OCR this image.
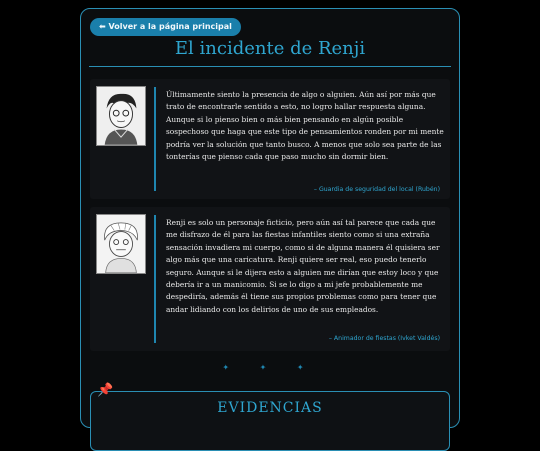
⬅ Volver a la página principal
El incidente de Renji
Últimamente siento la presencia de algo o alguien. Aún así por más que trato de encontrarle sentido a esto, no logro hallar respuesta alguna. Aunque si lo pienso bien o más bien pensando en algún posible sospechoso que haga que este tipo de pensamientos ronden por mi mente podría ver la solución que tanto busco. A menos que solo sea parte de las tonterías que pienso cada que paso mucho sin dormir bien.
– Guardia de seguridad del local (Rubén)
Renji es solo un personaje ficticio, pero aún así tal parece que cada que me disfrazo de él para las fiestas infantiles siento como si una extraña sensación invadiera mi cuerpo, como si de alguna manera él quisiera ser algo más que una caricatura. Renji quiere ser real, eso puedo tenerlo seguro. Aunque si le dijera esto a alguien me dirían que estoy loco y que debería ir a un manicomio. Si se lo digo a mi jefe probablemente me despediría, además él tiene sus propios problemas como para tener que andar lidiando con los delirios de uno de sus empleados.
– Animador de fiestas (Ivket Valdés)
✦ ✦ ✦
📌
EVIDENCIAS
